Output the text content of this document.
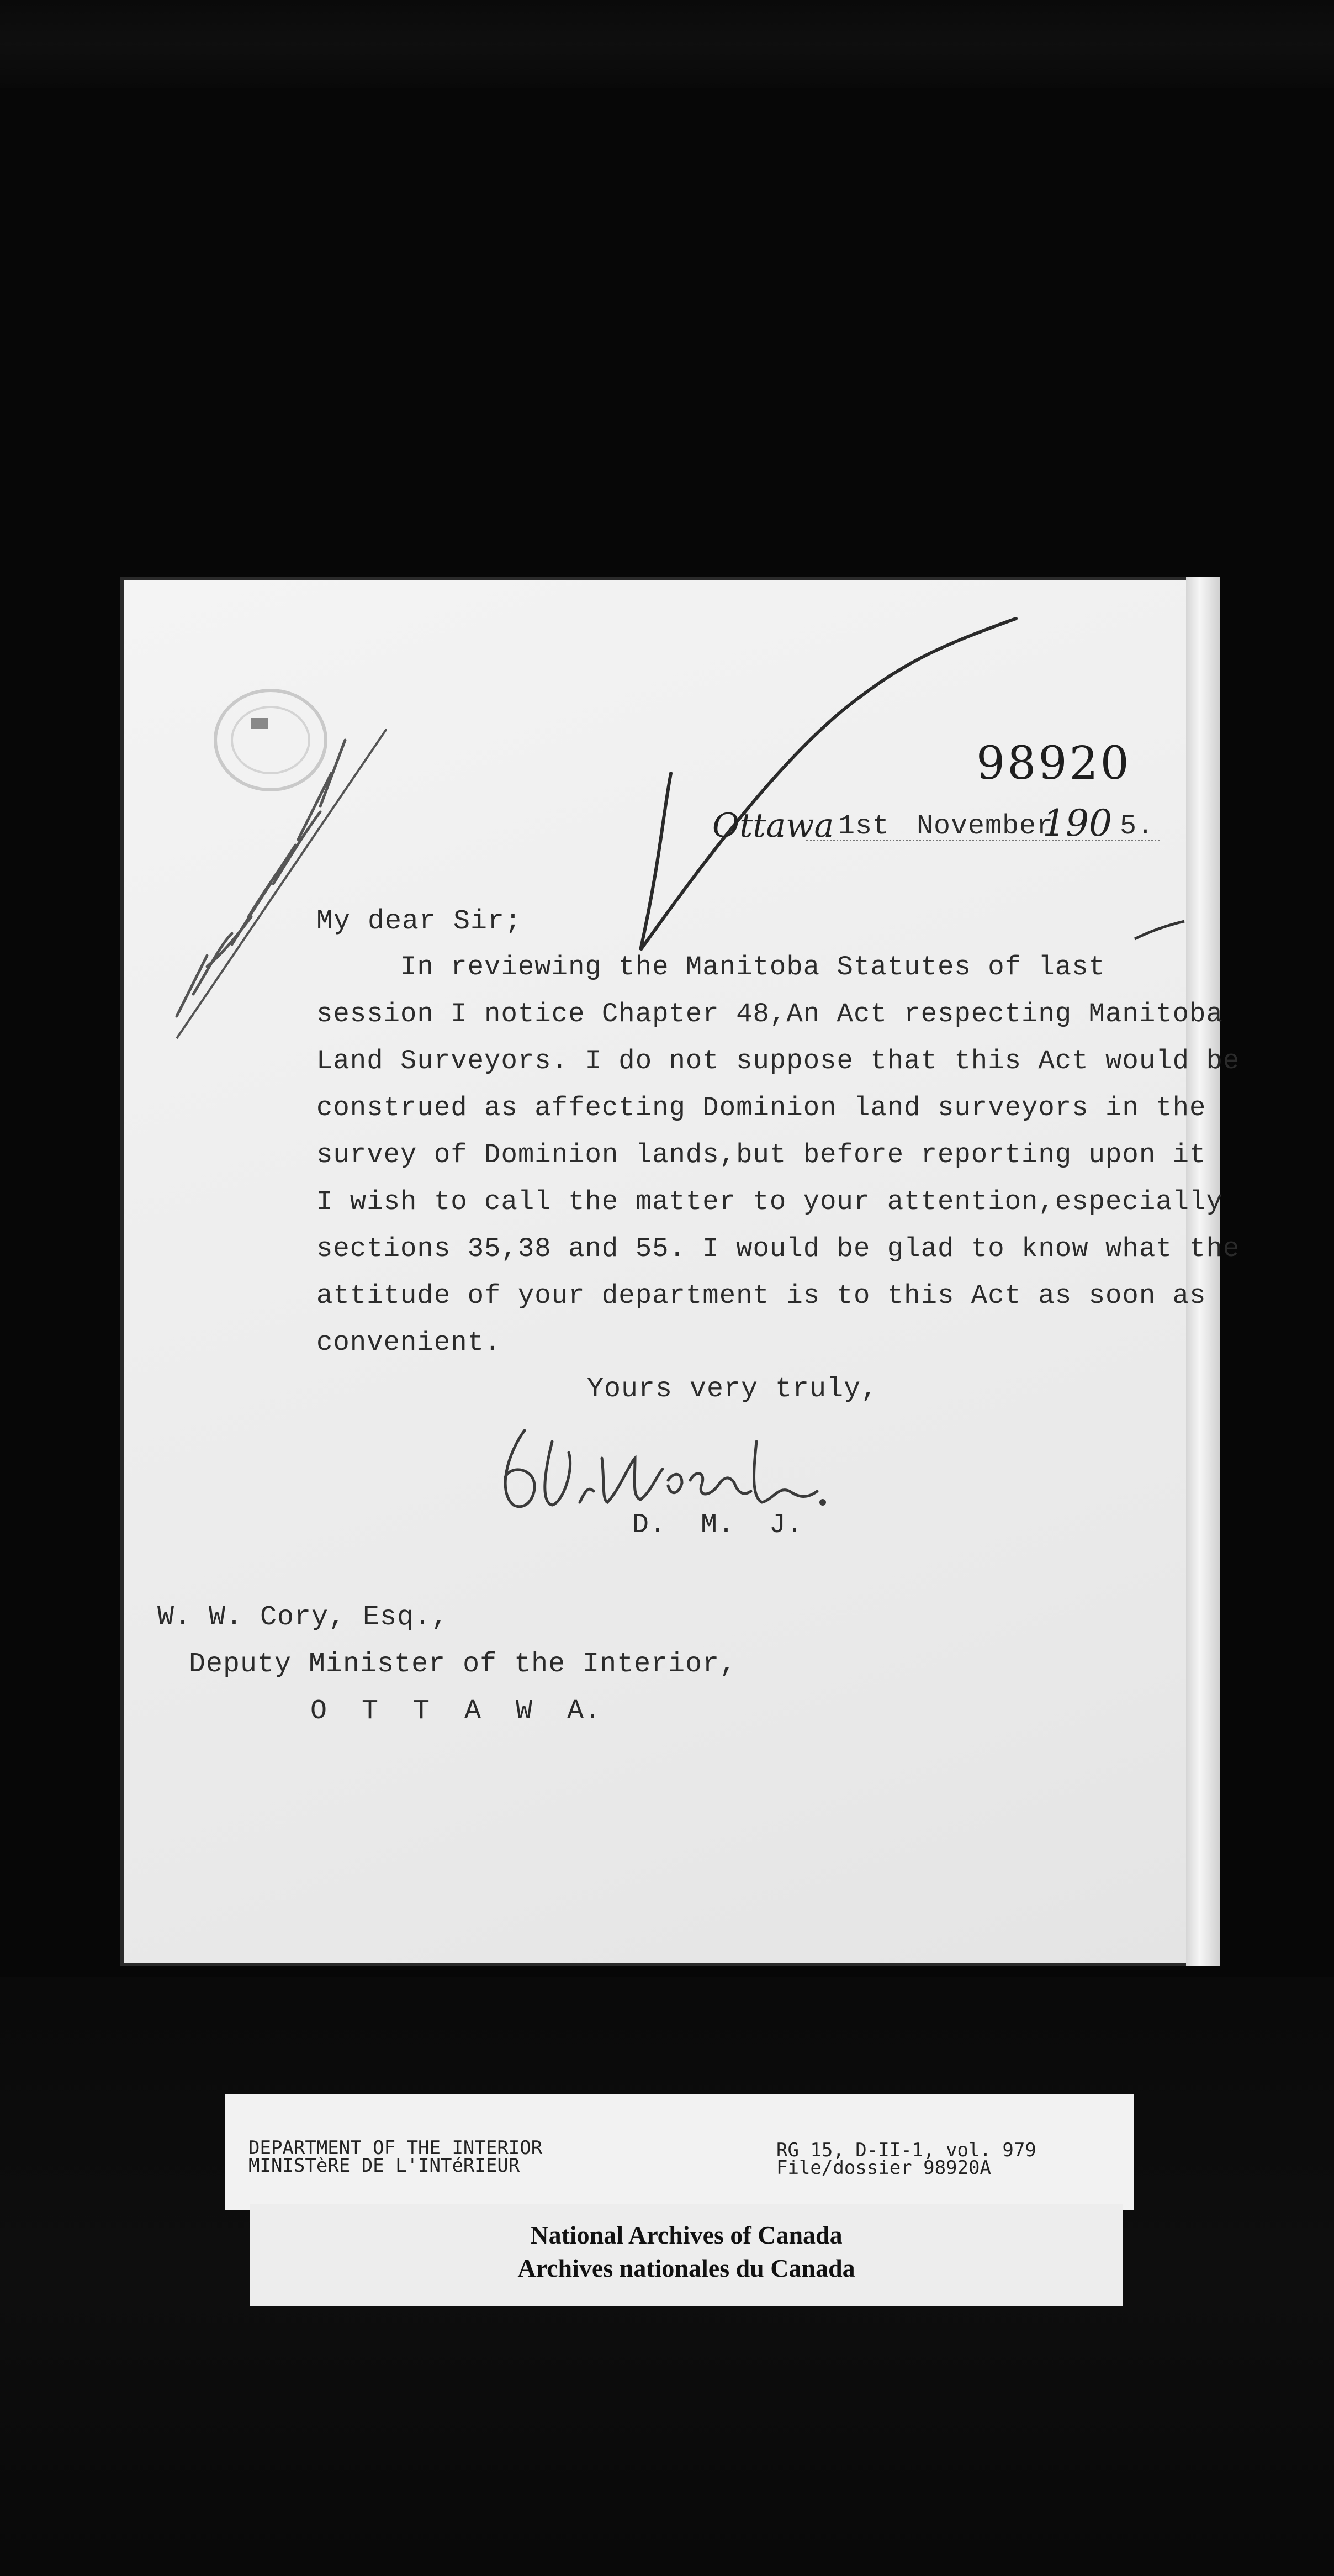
98920
Ottawa 1st November
190 5.
My dear Sir;
In reviewing the Manitoba Statutes of last
session I notice Chapter 48,An Act respecting Manitoba
Land Surveyors. I do not suppose that this Act would be
construed as affecting Dominion land surveyors in the
survey of Dominion lands,but before reporting upon it
I wish to call the matter to your attention,especially
sections 35,38 and 55. I would be glad to know what the
attitude of your department is to this Act as soon as
convenient.
Yours very truly,
D.  M.  J.
W. W. Cory, Esq.,
Deputy Minister of the Interior,
O  T  T  A  W  A.
DEPARTMENT OF THE INTERIOR
MINISTèRE DE L'INTéRIEUR
RG 15, D-II-1, vol. 979
File/dossier 98920A
National Archives of Canada
Archives nationales du Canada
